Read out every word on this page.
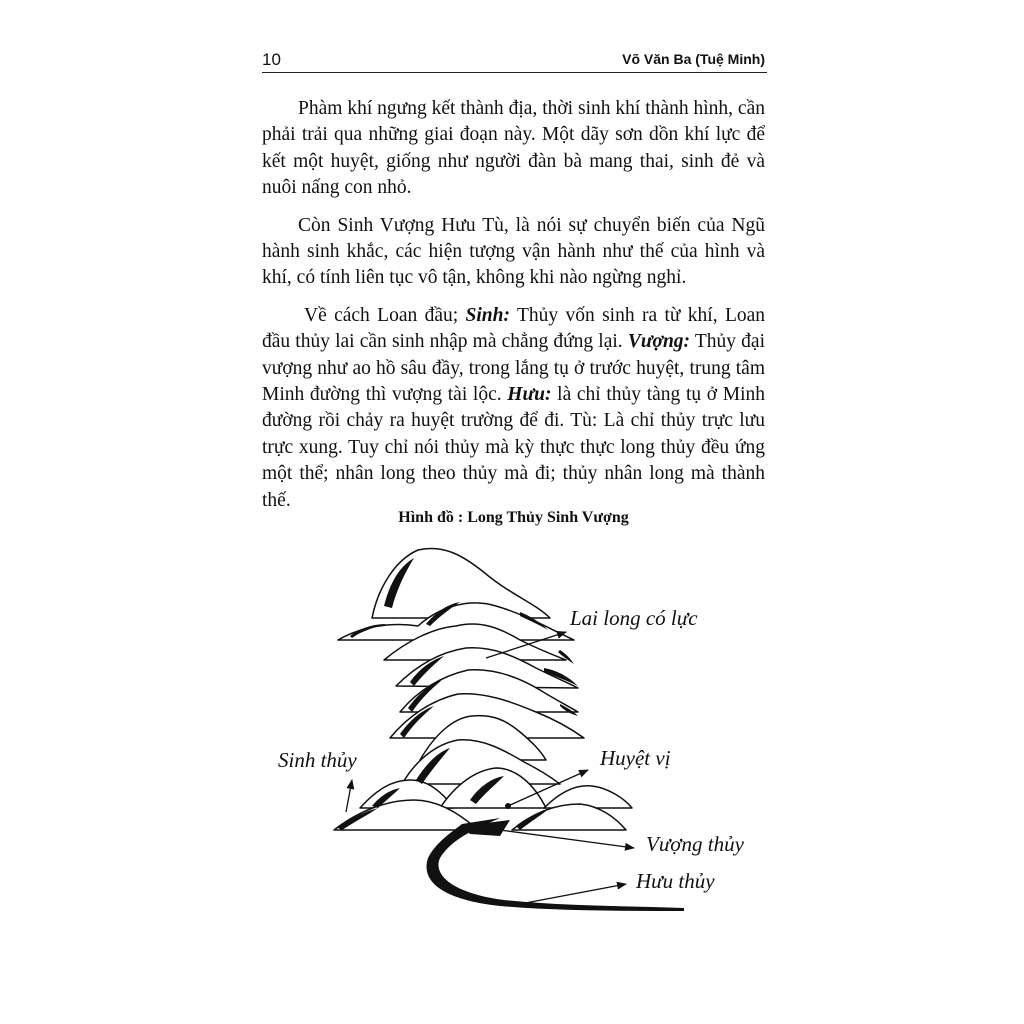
10	Võ Văn Ba (Tuệ Minh)

Phàm khí ngưng kết thành địa, thời sinh khí thành hình, cần phải trải qua những giai đoạn này. Một dãy sơn dồn khí lực để kết một huyệt, giống như người đàn bà mang thai, sinh đẻ và nuôi nấng con nhỏ.

Còn Sinh Vượng Hưu Tù, là nói sự chuyển biến của Ngũ hành sinh khắc, các hiện tượng vận hành như thế của hình và khí, có tính liên tục vô tận, không khi nào ngừng nghỉ.

Về cách Loan đầu; Sinh: Thủy vốn sinh ra từ khí, Loan đầu thủy lai cần sinh nhập mà chẳng đứng lại. Vượng: Thủy đại vượng như ao hồ sâu đầy, trong lắng tụ ở trước huyệt, trung tâm Minh đường thì vượng tài lộc. Hưu: là chỉ thủy tàng tụ ở Minh đường rồi chảy ra huyệt trường để đi. Tù: Là chỉ thủy trực lưu trực xung. Tuy chỉ nói thủy mà kỳ thực thực long thủy đều ứng một thể; nhân long theo thủy mà đi; thủy nhân long mà thành thế.

Hình đồ : Long Thủy Sinh Vượng
Lai long có lực
Sinh thủy	Huyệt vị
Vượng thủy
Hưu thủy
